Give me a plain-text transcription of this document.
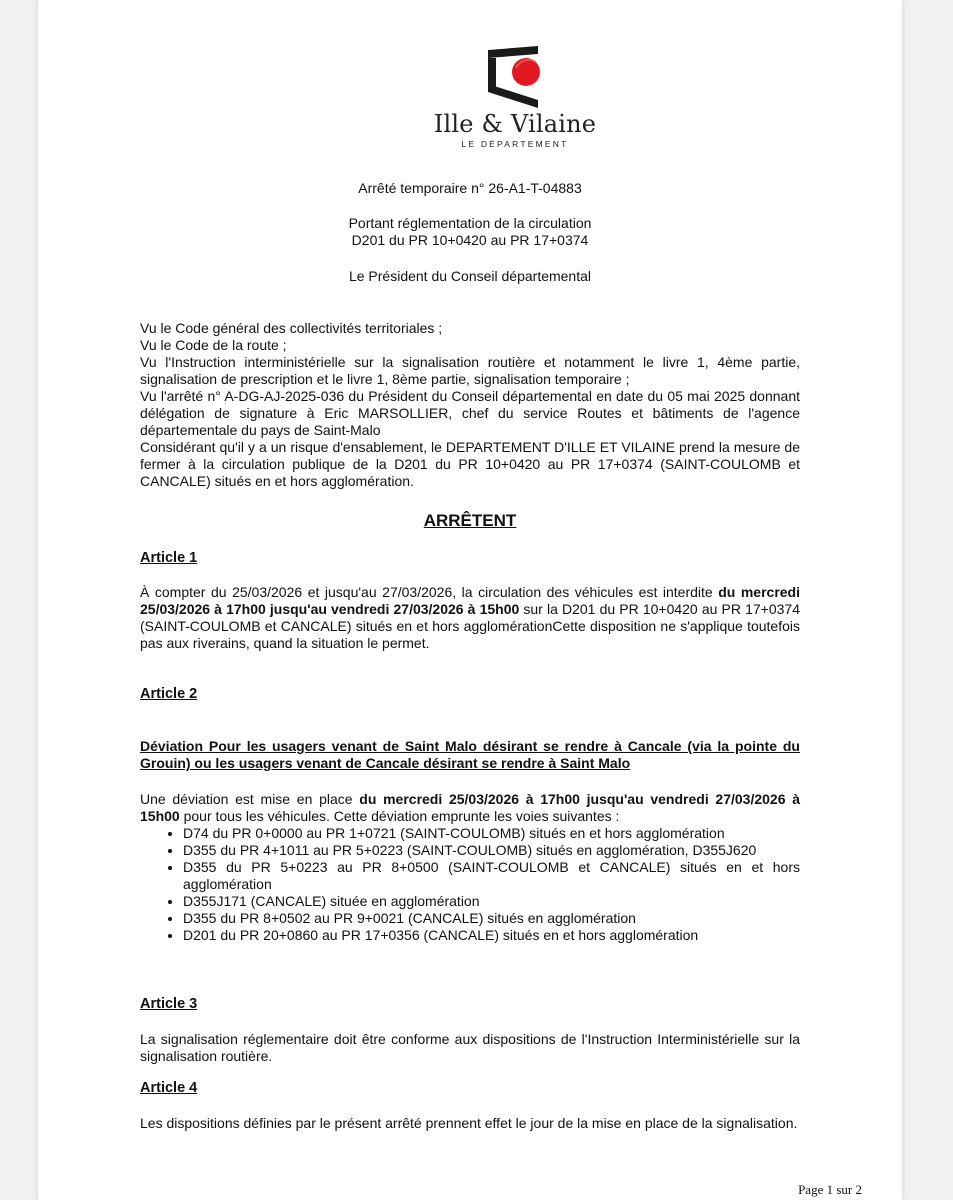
Ille & Vilaine
LE DÉPARTEMENT
Arrêté temporaire n° 26-A1-T-04883
Portant réglementation de la circulation
D201 du PR 10+0420 au PR 17+0374
Le Président du Conseil départemental

Vu le Code général des collectivités territoriales ;

Vu le Code de la route ;

Vu l'Instruction interministérielle sur la signalisation routière et notamment le livre 1, 4ème partie, signalisation de prescription et le livre 1, 8ème partie, signalisation temporaire ;

Vu l'arrêté n° A-DG-AJ-2025-036 du Président du Conseil départemental en date du 05 mai 2025 donnant délégation de signature à Eric MARSOLLIER, chef du service Routes et bâtiments de l'agence départementale du pays de Saint-Malo

Considérant qu'il y a un risque d'ensablement, le DEPARTEMENT D'ILLE ET VILAINE prend la mesure de fermer à la circulation publique de la D201 du PR 10+0420 au PR 17+0374 (SAINT-COULOMB et CANCALE) situés en et hors agglomération.

ARRÊTENT
Article 1
À compter du 25/03/2026 et jusqu'au 27/03/2026, la circulation des véhicules est interdite du mercredi 25/03/2026 à 17h00 jusqu'au vendredi 27/03/2026 à 15h00 sur la D201 du PR 10+0420 au PR 17+0374 (SAINT-COULOMB et CANCALE) situés en et hors agglomérationCette disposition ne s'applique toutefois pas aux riverains, quand la situation le permet.
Article 2
Déviation Pour les usagers venant de Saint Malo désirant se rendre à Cancale (via la pointe du Grouin) ou les usagers venant de Cancale désirant se rendre à Saint Malo
Une déviation est mise en place du mercredi 25/03/2026 à 17h00 jusqu'au vendredi 27/03/2026 à 15h00 pour tous les véhicules. Cette déviation emprunte les voies suivantes :
• D74 du PR 0+0000 au PR 1+0721 (SAINT-COULOMB) situés en et hors agglomération
• D355 du PR 4+1011 au PR 5+0223 (SAINT-COULOMB) situés en agglomération, D355J620
• D355 du PR 5+0223 au PR 8+0500 (SAINT-COULOMB et CANCALE) situés en et hors agglomération
• D355J171 (CANCALE) située en agglomération
• D355 du PR 8+0502 au PR 9+0021 (CANCALE) situés en agglomération
• D201 du PR 20+0860 au PR 17+0356 (CANCALE) situés en et hors agglomération
Article 3
La signalisation réglementaire doit être conforme aux dispositions de l'Instruction Interministérielle sur la signalisation routière.
Article 4
Les dispositions définies par le présent arrêté prennent effet le jour de la mise en place de la signalisation.
Page 1 sur 2
